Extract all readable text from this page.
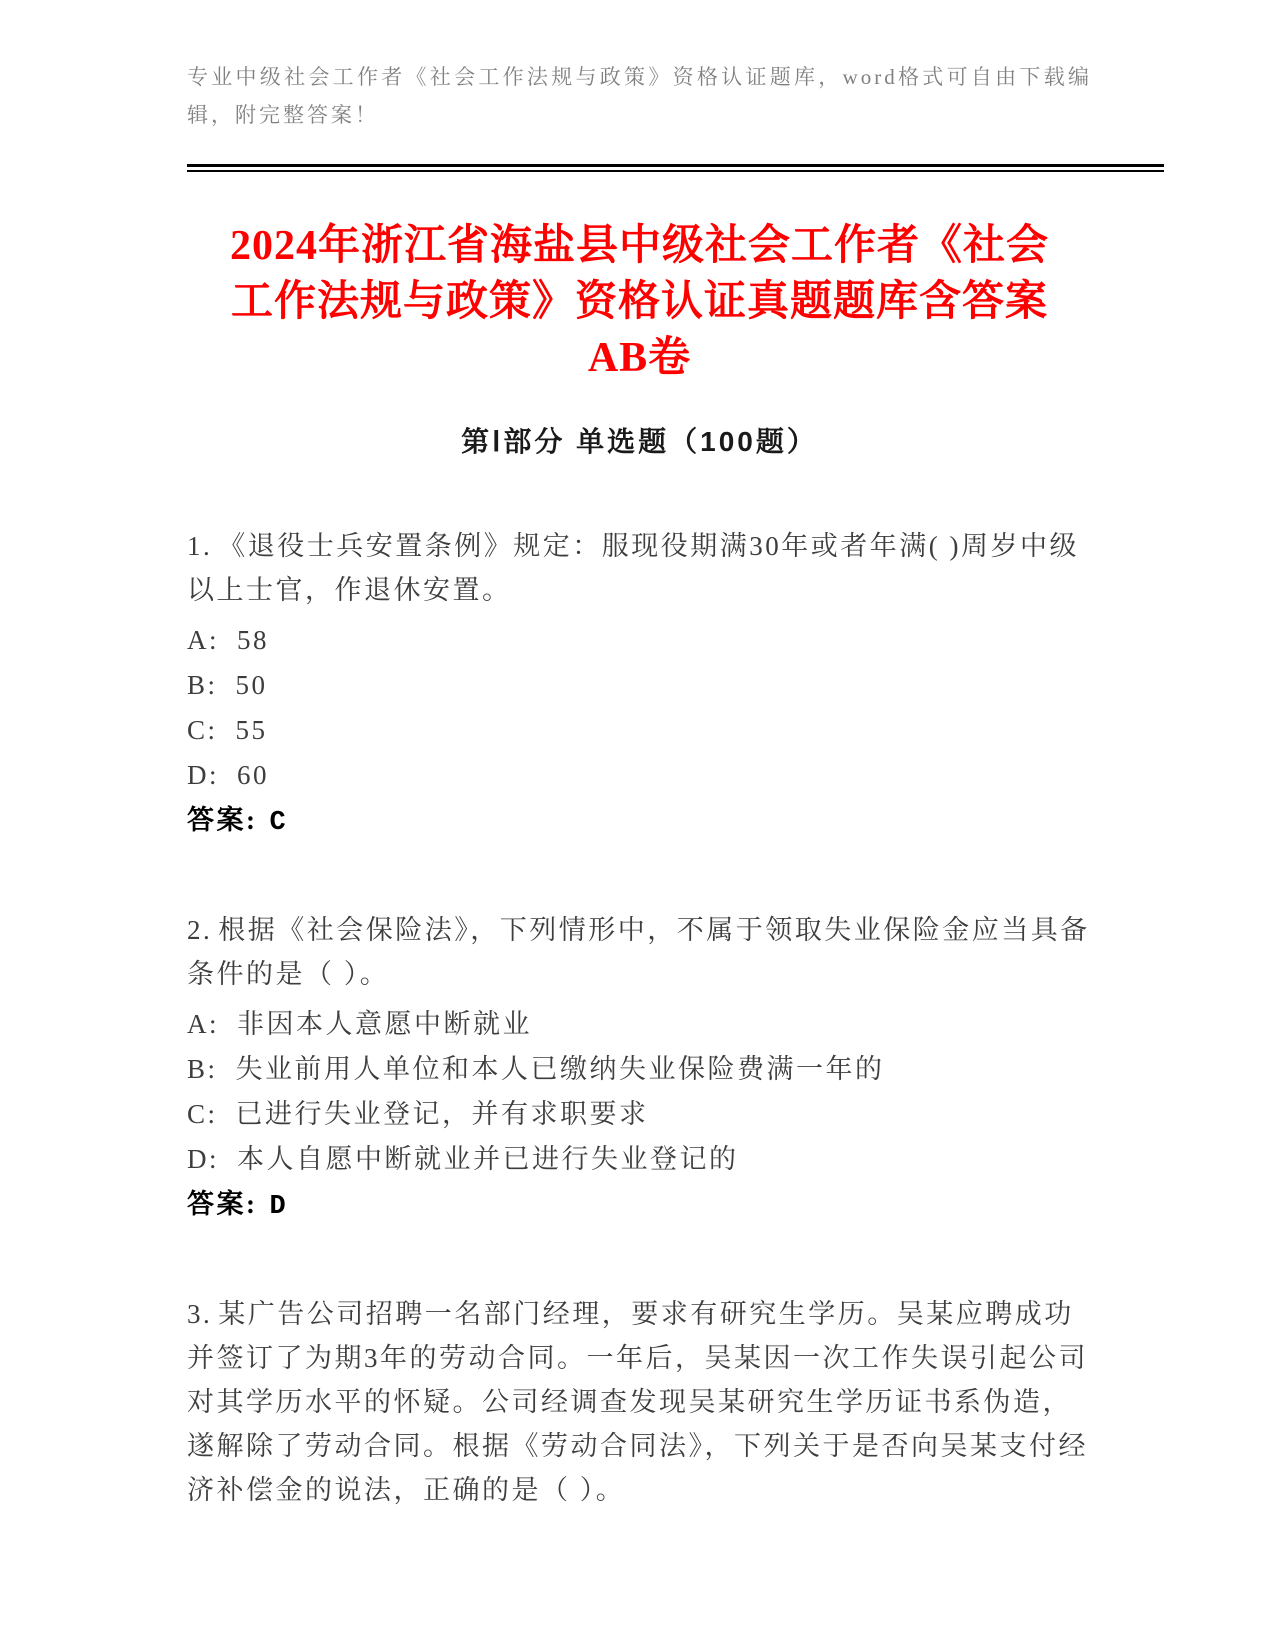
专业中级社会工作者《社会工作法规与政策》资格认证题库，word格式可自由下载编辑，附完整答案！
2024年浙江省海盐县中级社会工作者《社会
工作法规与政策》资格认证真题题库含答案
AB卷
第Ⅰ部分 单选题（100题）

1. 《退役士兵安置条例》规定：服现役期满30年或者年满( )周岁中级以上士官，作退休安置。

A: 58

B: 50

C: 55

D: 60

答案: C

2. 根据《社会保险法》，下列情形中，不属于领取失业保险金应当具备条件的是（ ）。

A: 非因本人意愿中断就业

B: 失业前用人单位和本人已缴纳失业保险费满一年的

C: 已进行失业登记，并有求职要求

D: 本人自愿中断就业并已进行失业登记的

答案: D

3. 某广告公司招聘一名部门经理，要求有研究生学历。吴某应聘成功并签订了为期3年的劳动合同。一年后，吴某因一次工作失误引起公司对其学历水平的怀疑。公司经调查发现吴某研究生学历证书系伪造，遂解除了劳动合同。根据《劳动合同法》，下列关于是否向吴某支付经济补偿金的说法，正确的是（ ）。
